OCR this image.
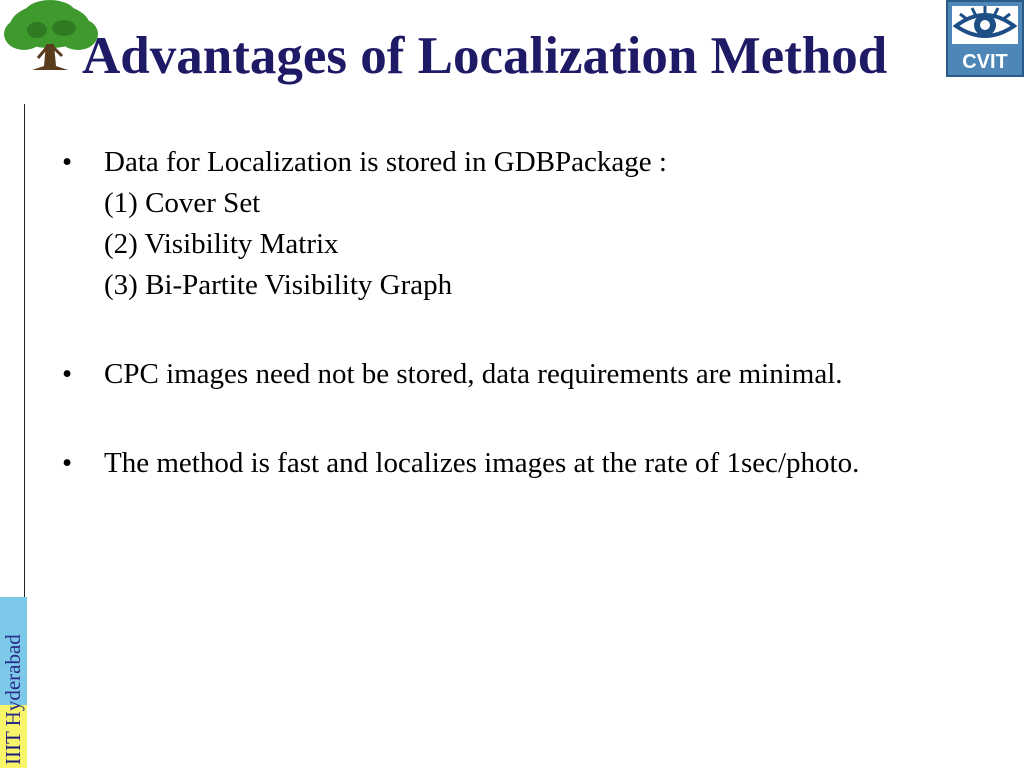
Advantages of Localization Method	CVIT
IIIT Hyderabad
•	Data for Localization is stored in GDBPackage :
(1) Cover Set
(2) Visibility Matrix
(3) Bi-Partite Visibility Graph
•	CPC images need not be stored, data requirements are minimal.
•	The method is fast and localizes images at the rate of 1sec/photo.
